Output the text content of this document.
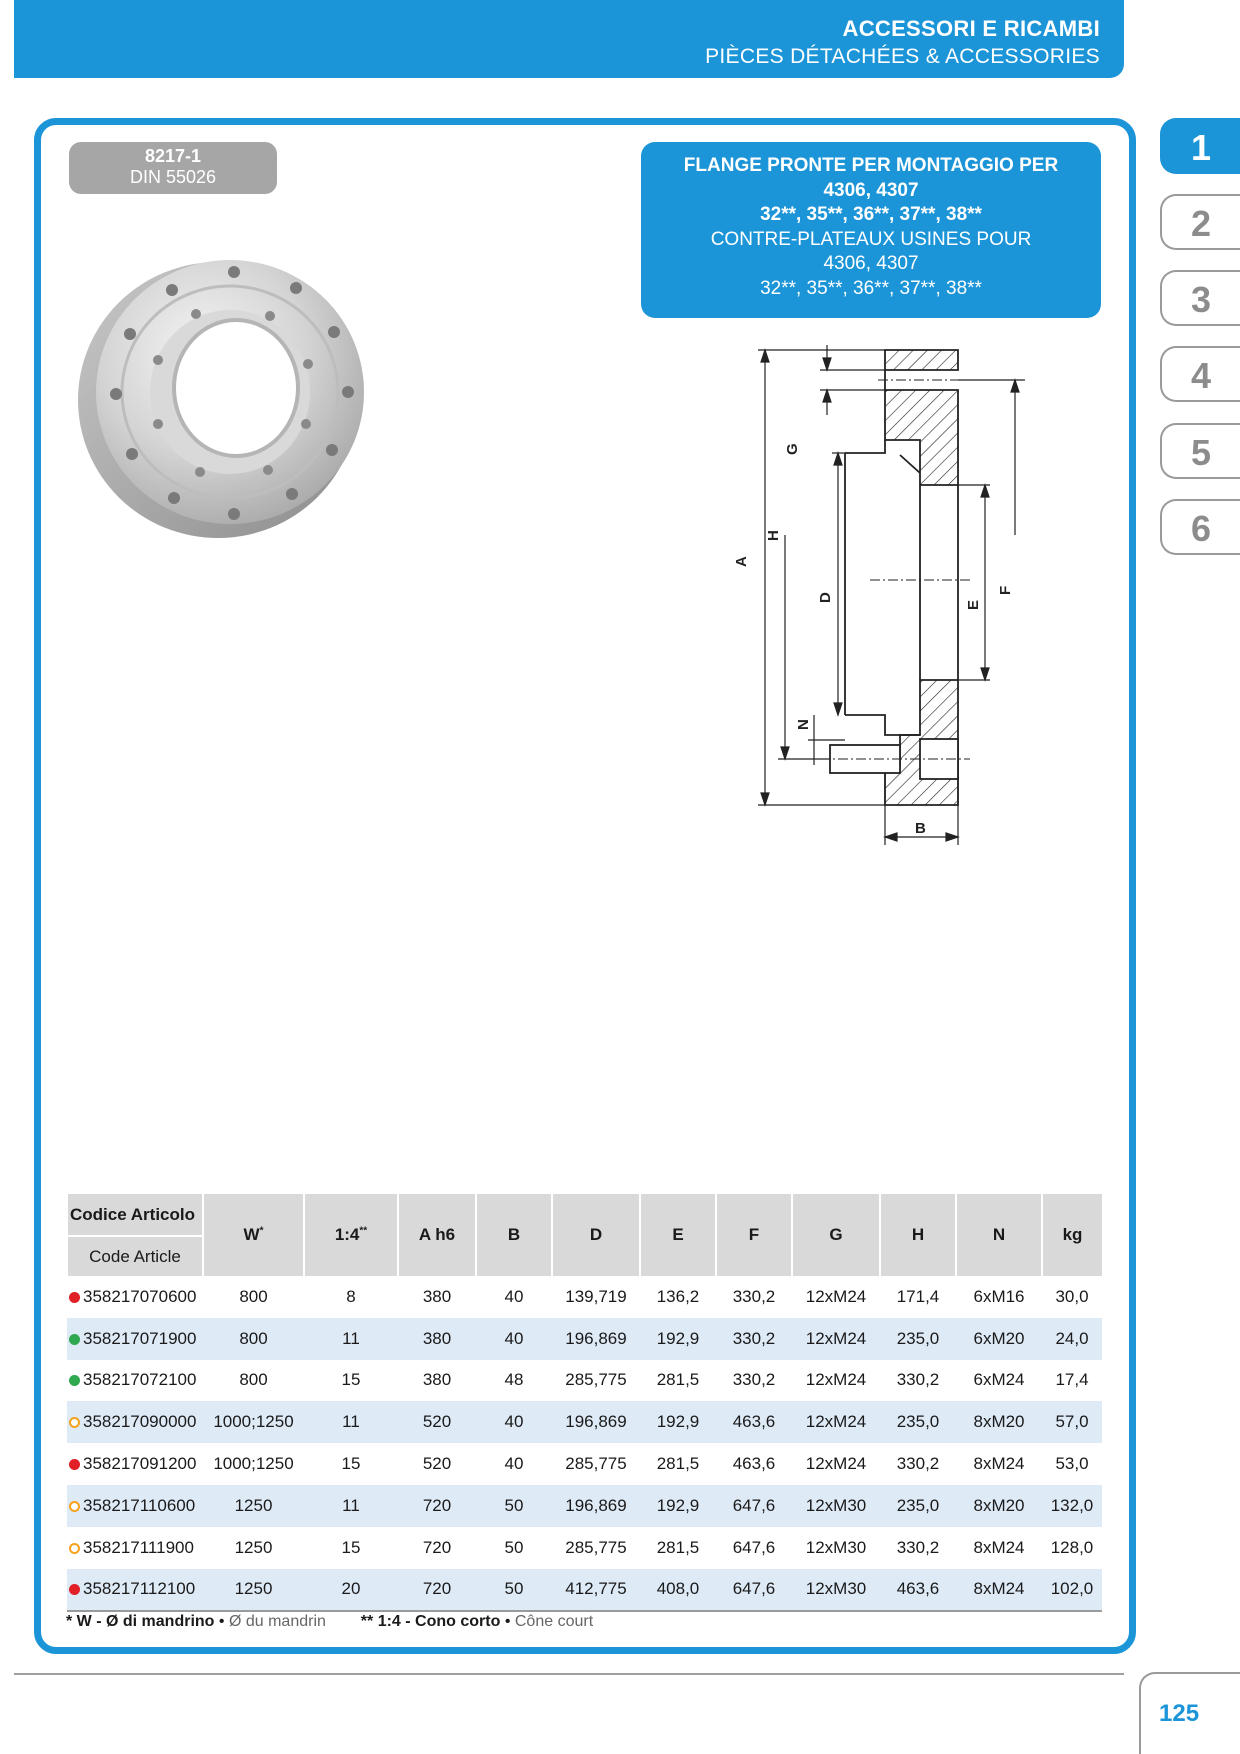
ACCESSORI E RICAMBI
PIÈCES DÉTACHÉES & ACCESSORIES
8217-1
DIN 55026
FLANGE PRONTE PER MONTAGGIO PER
4306, 4307
32**, 35**, 36**, 37**, 38**
CONTRE-PLATEAUX USINES POUR
4306, 4307
32**, 35**, 36**, 37**, 38**
1
2
3
4
5
6
A
H
G
D
N
E
F
B
Codice Articolo
Code Article	W*	1:4**	A h6	B	D	E	F	G	H	N	kg
358217070600	800	8	380	40	139,719	136,2	330,2	12xM24	171,4	6xM16	30,0
358217071900	800	11	380	40	196,869	192,9	330,2	12xM24	235,0	6xM20	24,0
358217072100	800	15	380	48	285,775	281,5	330,2	12xM24	330,2	6xM24	17,4
358217090000	1000;1250	11	520	40	196,869	192,9	463,6	12xM24	235,0	8xM20	57,0
358217091200	1000;1250	15	520	40	285,775	281,5	463,6	12xM24	330,2	8xM24	53,0
358217110600	1250	11	720	50	196,869	192,9	647,6	12xM30	235,0	8xM20	132,0
358217111900	1250	15	720	50	285,775	281,5	647,6	12xM30	330,2	8xM24	128,0
358217112100	1250	20	720	50	412,775	408,0	647,6	12xM30	463,6	8xM24	102,0
* W - Ø di mandrino • Ø du mandrin ** 1:4 - Cono corto • Cône court
125
